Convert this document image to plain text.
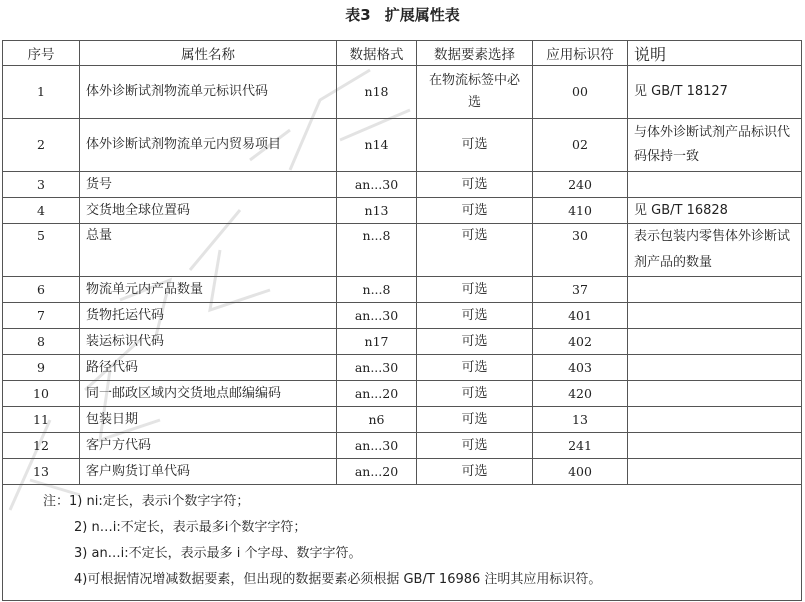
表3 扩展属性表
序号	属性名称	数据格式	数据要素选择	应用标识符	说明
1	体外诊断试剂物流单元标识代码	n18	在物流标签中必选	00	见 GB/T 18127
2	体外诊断试剂物流单元内贸易项目	n14	可选	02	与体外诊断试剂产品标识代码保持一致
3	货号	an...30	可选	240	
4	交货地全球位置码	n13	可选	410	见 GB/T 16828
5	总量	n...8	可选	30	表示包装内零售体外诊断试剂产品的数量
6	物流单元内产品数量	n...8	可选	37	
7	货物托运代码	an...30	可选	401	
8	装运标识代码	n17	可选	402	
9	路径代码	an...30	可选	403	
10	同一邮政区域内交货地点邮编编码	an...20	可选	420	
11	包装日期	n6	可选	13	
12	客户方代码	an...30	可选	241	
13	客户购货订单代码	an...20	可选	400	

注：1) ni:定长，表示i个数字字符；
2) n…i:不定长，表示最多i个数字字符；
3) an…i:不定长，表示最多 i 个字母、数字字符。
4)可根据情况增减数据要素，但出现的数据要素必须根据 GB/T 16986 注明其应用标识符。					
